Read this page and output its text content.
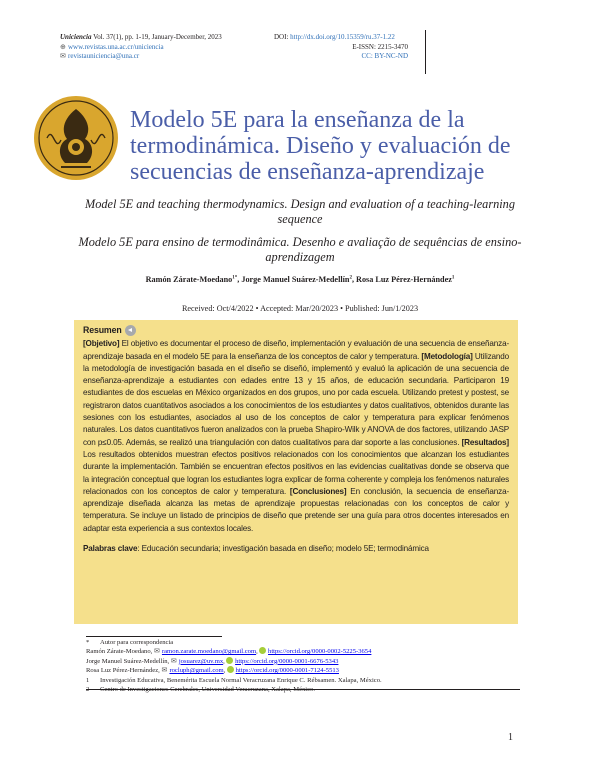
Uniciencia Vol. 37(1), pp. 1-19, January-December, 2023
⊕ www.revistas.una.ac.cr/uniciencia
✉ revistauniciencia@una.cr
DOI: http://dx.doi.org/10.15359/ru.37-1.22
E-ISSN: 2215-3470
CC: BY-NC-ND
Modelo 5E para la enseñanza de la termodinámica. Diseño y evaluación de secuencias de enseñanza-aprendizaje
Model 5E and teaching thermodynamics. Design and evaluation of a teaching-learning sequence
Modelo 5E para ensino de termodinâmica. Desenho e avaliação de sequências de ensino-aprendizagem
Ramón Zárate-Moedano$^{1*}$, Jorge Manuel Suárez-Medellín$^2$, Rosa Luz Pérez-Hernández$^1$
Received: Oct/4/2022 • Accepted: Mar/20/2023 • Published: Jun/1/2023
Resumen

[Objetivo] El objetivo es documentar el proceso de diseño, implementación y evaluación de una secuencia de enseñanza-aprendizaje basada en el modelo 5E para la enseñanza de los conceptos de calor y temperatura. [Metodología] Utilizando la metodología de investigación basada en el diseño se diseñó, implementó y evaluó la aplicación de una secuencia de enseñanza-aprendizaje a estudiantes con edades entre 13 y 15 años, de educación secundaria. Participaron 19 estudiantes de dos escuelas en México organizados en dos grupos, uno por cada escuela. Utilizando pretest y postest, se registraron datos cuantitativos asociados a los conocimientos de los estudiantes y datos cualitativos, obtenidos durante las sesiones con los estudiantes, asociados al uso de los conceptos de calor y temperatura para explicar fenómenos naturales. Los datos cuantitativos fueron analizados con la prueba Shapiro-Wilk y ANOVA de dos factores, utilizando JASP con p≤0.05. Además, se realizó una triangulación con datos cualitativos para dar soporte a las conclusiones. [Resultados] Los resultados obtenidos muestran efectos positivos relacionados con los conocimientos que alcanzan los estudiantes durante la implementación. También se encuentran efectos positivos en las evidencias cualitativas donde se observa que la integración conceptual que logran los estudiantes logra explicar de forma coherente y compleja los fenómenos naturales relacionados con los conceptos de calor y temperatura. [Conclusiones] En conclusión, la secuencia de enseñanza-aprendizaje diseñada alcanza las metas de aprendizaje propuestas relacionadas con los conceptos de calor y temperatura. Se incluye un listado de principios de diseño que pretende ser una guía para otros docentes interesados en adaptar esta experiencia a sus contextos locales.

Palabras clave: Educación secundaria; investigación basada en diseño; modelo 5E; termodinámica

* Autor para correspondencia
Ramón Zárate-Moedano, ✉ ramon.zarate.moedano@gmail.com,  https://orcid.org/0000-0002-5225-3654
Jorge Manuel Suárez-Medellín, ✉ josuarez@uv.mx,  https://orcid.org/0000-0001-6676-5343
Rosa Luz Pérez-Hernández, ✉ rocluph@gmail.com,  https://orcid.org/0000-0001-7124-5513
1 Investigación Educativa, Benemérita Escuela Normal Veracruzana Enrique C. Rébsamen. Xalapa, México.
1
